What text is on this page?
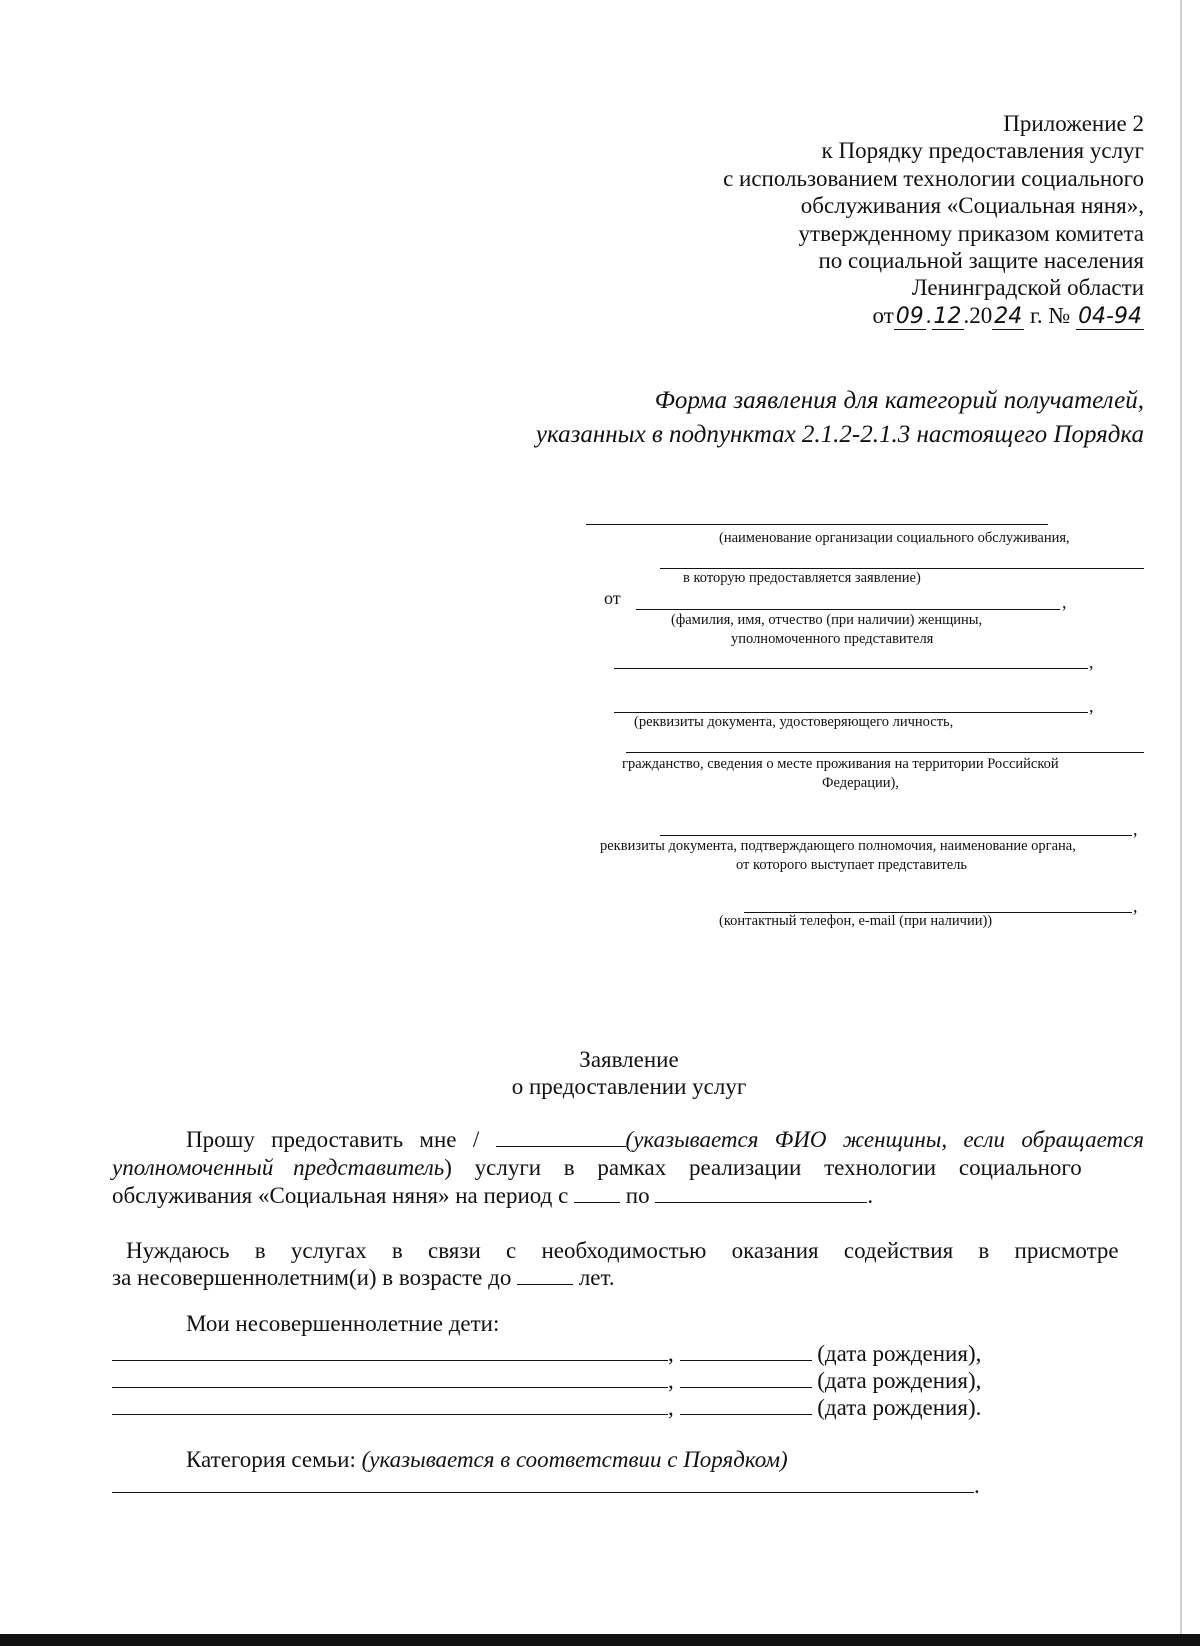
Приложение 2
к Порядку предоставления услуг
с использованием технологии социального
обслуживания «Социальная няня»,
утвержденному приказом комитета
по социальной защите населения
Ленинградской области
от09.12.2024 г. № 04-94
Форма заявления для категорий получателей,
указанных в подпунктах 2.1.2-2.1.3 настоящего Порядка
(наименование организации социального обслуживания,
в которую предоставляется заявление)
от	,
(фамилия, имя, отчество (при наличии) женщины,
уполномоченного представителя
,
,
(реквизиты документа, удостоверяющего личность,
гражданство, сведения о месте проживания на территории Российской
Федерации),
,
реквизиты документа, подтверждающего полномочия, наименование органа,
от которого выступает представитель
,
(контактный телефон, e-mail (при наличии))
Заявление
о предоставлении услуг
Прошу предоставить мне /	(указывается ФИО женщины, если обращается
уполномоченный представитель) услуги в рамках реализации технологии социального
обслуживания «Социальная няня» на период с	по	.
Нуждаюсь в услугах в связи с необходимостью оказания содействия в присмотре
за несовершеннолетним(и) в возрасте до	лет.
Мои несовершеннолетние дети:
,	(дата рождения),
,	(дата рождения),
,	(дата рождения).
Категория семьи: (указывается в соответствии с Порядком)
.
